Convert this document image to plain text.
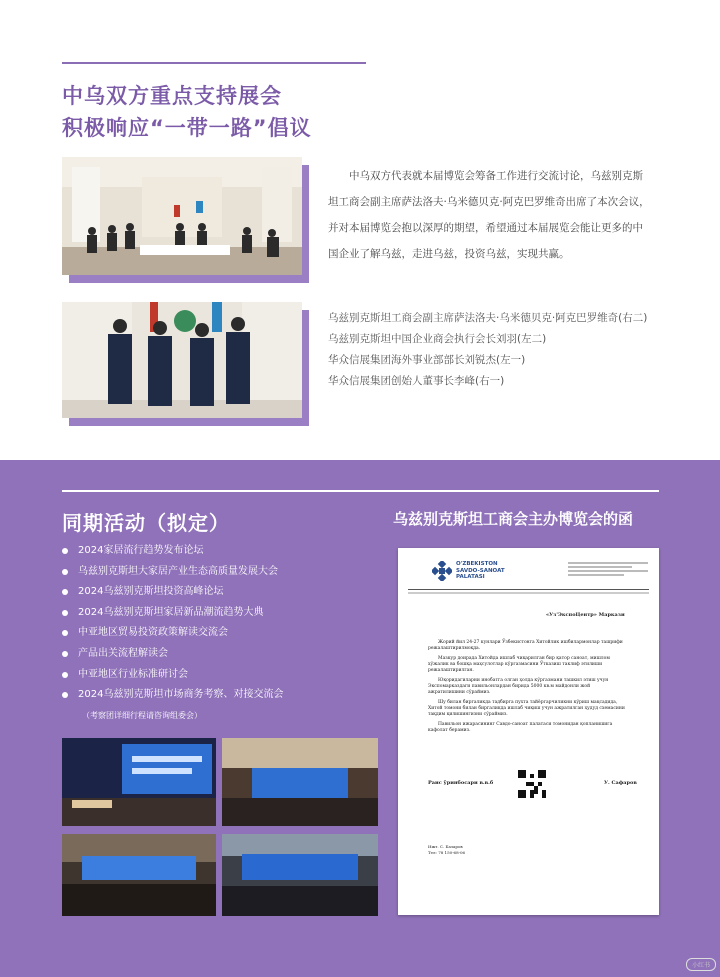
中乌双方重点支持展会
积极响应“一带一路”倡议

中乌双方代表就本届博览会筹备工作进行交流讨论，乌兹别克斯

坦工商会副主席萨法洛夫·乌米德贝克·阿克巴罗维奇出席了本次会议，

并对本届博览会抱以深厚的期望，希望通过本届展览会能让更多的中

国企业了解乌兹，走进乌兹，投资乌兹，实现共赢。

乌兹别克斯坦工商会副主席萨法洛夫·乌米德贝克·阿克巴罗维奇(右二)
乌兹别克斯坦中国企业商会执行会长刘羽(左二)
华众信展集团海外事业部部长刘锐杰(左一)
华众信展集团创始人董事长李峰(右一)
同期活动（拟定）	乌兹别克斯坦工商会主办博览会的函
2024家居流行趋势发布论坛
乌兹别克斯坦大家居产业生态高质量发展大会
2024乌兹别克斯坦投资高峰论坛
2024乌兹别克斯坦家居新品潮流趋势大典
中亚地区贸易投资政策解读交流会
产品出关流程解读会
中亚地区行业标准研讨会
2024乌兹别克斯坦市场商务考察、对接交流会
（考察团详细行程请咨询组委会）
O'ZBEKISTON
SAVDO-SANOAT
PALATASI
«Уз'ЭкспоЦентр» Маркази
Жорий йил 24-27 кунлари Ўзбекистонга Хитойлик ишбилармонлар ташрифи режалаштирилмоқда.
Мазкур доирада Хитойда ишлаб чиқарилган бир қатор саноат, мишлом хўжалик ва бошқа маҳсулотлар кўргазмасини Ўтказиш таклиф этилиши режалаштирилган.
Юқоридагиларни инобатга олган ҳолда кўргазмани ташкил этиш учун Экспомарказдаги павильонлардан бирида 5000 кв.м майдонли жой ажратилишини сўраймиз.
Шу билан биргаликда тадбирга пухта тайёргарчиликни кўриш мақсадида, Хитой томони билан биргаликда ишлаб чиқиш учун ажратилган ҳудуд схемасини тақдим қилишингизни сўраймиз.
Павильон ижарасининг Савдо-саноат палатаси томонидан қопланишига кафолат берамиз.
Раис ўринбосари в.в.б	У. Сафаров
Ижт. С. Базаров
Тел: 78 150-68-06
小红书
